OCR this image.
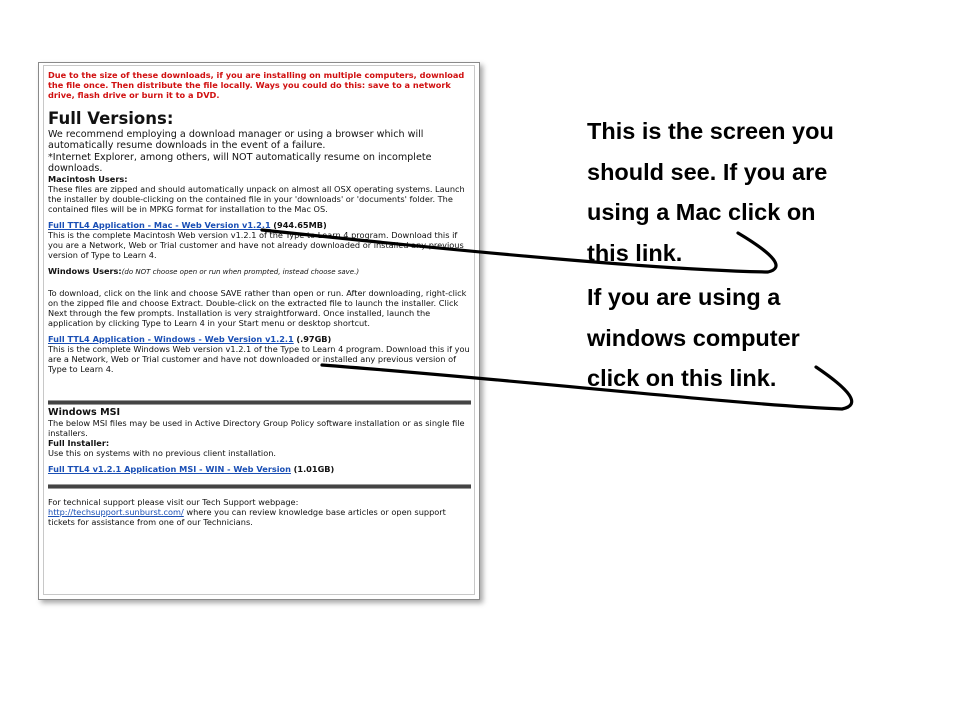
Due to the size of these downloads, if you are installing on multiple computers, download the file once. Then distribute the file locally. Ways you could do this: save to a network drive, flash drive or burn it to a DVD.
Full Versions:
We recommend employing a download manager or using a browser which will automatically resume downloads in the event of a failure.
*Internet Explorer, among others, will NOT automatically resume on incomplete downloads.
Macintosh Users:
These files are zipped and should automatically unpack on almost all OSX operating systems. Launch the installer by double-clicking on the contained file in your 'downloads' or 'documents' folder. The contained files will be in MPKG format for installation to the Mac OS.
Full TTL4 Application - Mac - Web Version v1.2.1 (944.65MB)
This is the complete Macintosh Web version v1.2.1 of the Type to Learn 4 program. Download this if you are a Network, Web or Trial customer and have not already downloaded or installed any previous version of Type to Learn 4.
Windows Users:(do NOT choose open or run when prompted, instead choose save.)
To download, click on the link and choose SAVE rather than open or run. After downloading, right-click on the zipped file and choose Extract. Double-click on the extracted file to launch the installer. Click Next through the few prompts. Installation is very straightforward. Once installed, launch the application by clicking Type to Learn 4 in your Start menu or desktop shortcut.
Full TTL4 Application - Windows - Web Version v1.2.1 (.97GB)
This is the complete Windows Web version v1.2.1 of the Type to Learn 4 program. Download this if you are a Network, Web or Trial customer and have not downloaded or installed any previous version of Type to Learn 4.
Windows MSI
The below MSI files may be used in Active Directory Group Policy software installation or as single file installers.
Full Installer:
Use this on systems with no previous client installation.
Full TTL4 v1.2.1 Application MSI - WIN - Web Version (1.01GB)
For technical support please visit our Tech Support webpage:
http://techsupport.sunburst.com/ where you can review knowledge base articles or open support tickets for assistance from one of our Technicians.
This is the screen you
should see. If you are
using a Mac click on
this link.
If you are using a
windows computer
click on this link.
